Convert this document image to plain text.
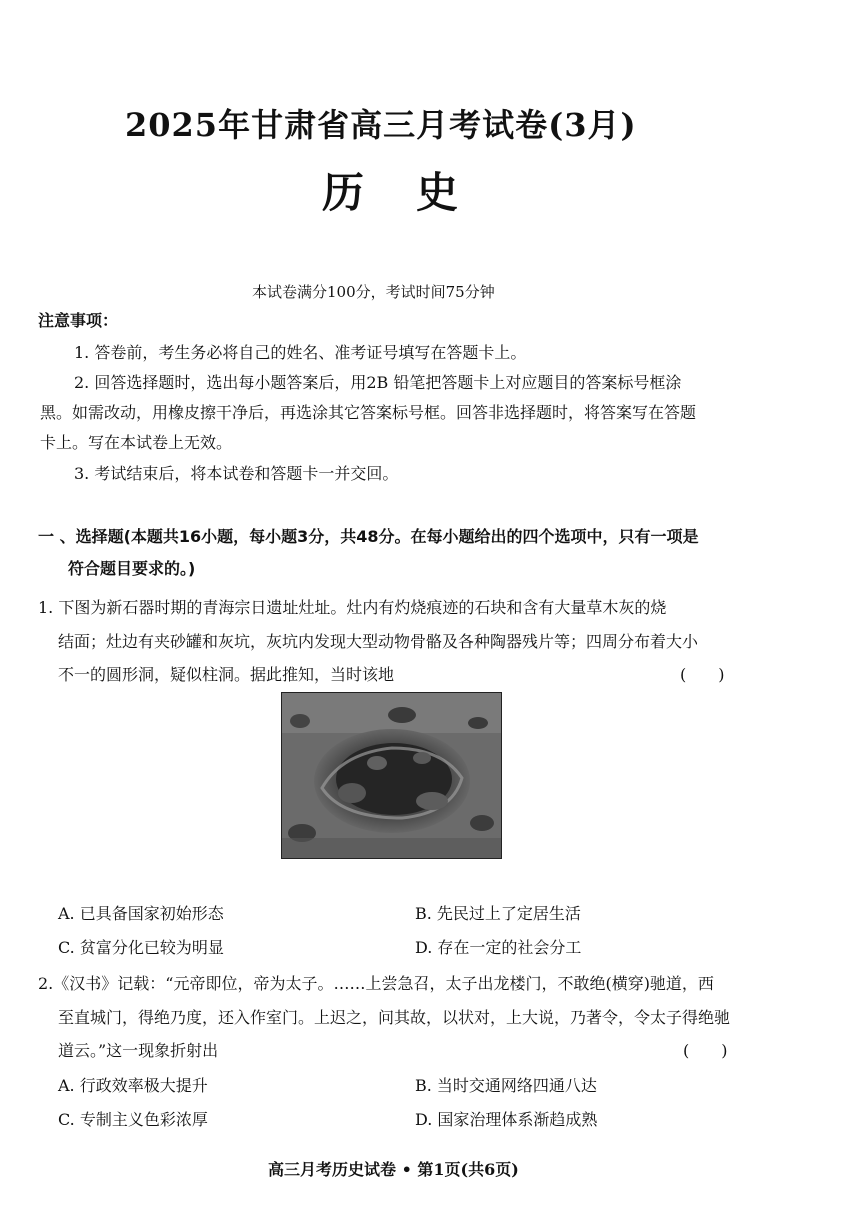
2025年甘肃省高三月考试卷(3月)
历史
本试卷满分100分，考试时间75分钟
注意事项：
1. 答卷前，考生务必将自己的姓名、准考证号填写在答题卡上。
2. 回答选择题时，选出每小题答案后，用2B 铅笔把答题卡上对应题目的答案标号框涂
黑。如需改动，用橡皮擦干净后，再选涂其它答案标号框。回答非选择题时，将答案写在答题
卡上。写在本试卷上无效。
3. 考试结束后，将本试卷和答题卡一并交回。
一 、选择题(本题共16小题，每小题3分，共48分。在每小题给出的四个选项中，只有一项是
符合题目要求的。)
1. 下图为新石器时期的青海宗日遗址灶址。灶内有灼烧痕迹的石块和含有大量草木灰的烧
结面；灶边有夹砂罐和灰坑，灰坑内发现大型动物骨骼及各种陶器残片等；四周分布着大小
不一的圆形洞，疑似柱洞。据此推知，当时该地	(　　)
A. 已具备国家初始形态	B. 先民过上了定居生活
C. 贫富分化已较为明显	D. 存在一定的社会分工
2.《汉书》记载：“元帝即位，帝为太子。……上尝急召，太子出龙楼门，不敢绝(横穿)驰道，西
至直城门，得绝乃度，还入作室门。上迟之，问其故，以状对，上大说，乃著令，令太子得绝驰
道云。”这一现象折射出	(　　)
A. 行政效率极大提升	B. 当时交通网络四通八达
C. 专制主义色彩浓厚	D. 国家治理体系渐趋成熟
高三月考历史试卷 • 第1页(共6页)
